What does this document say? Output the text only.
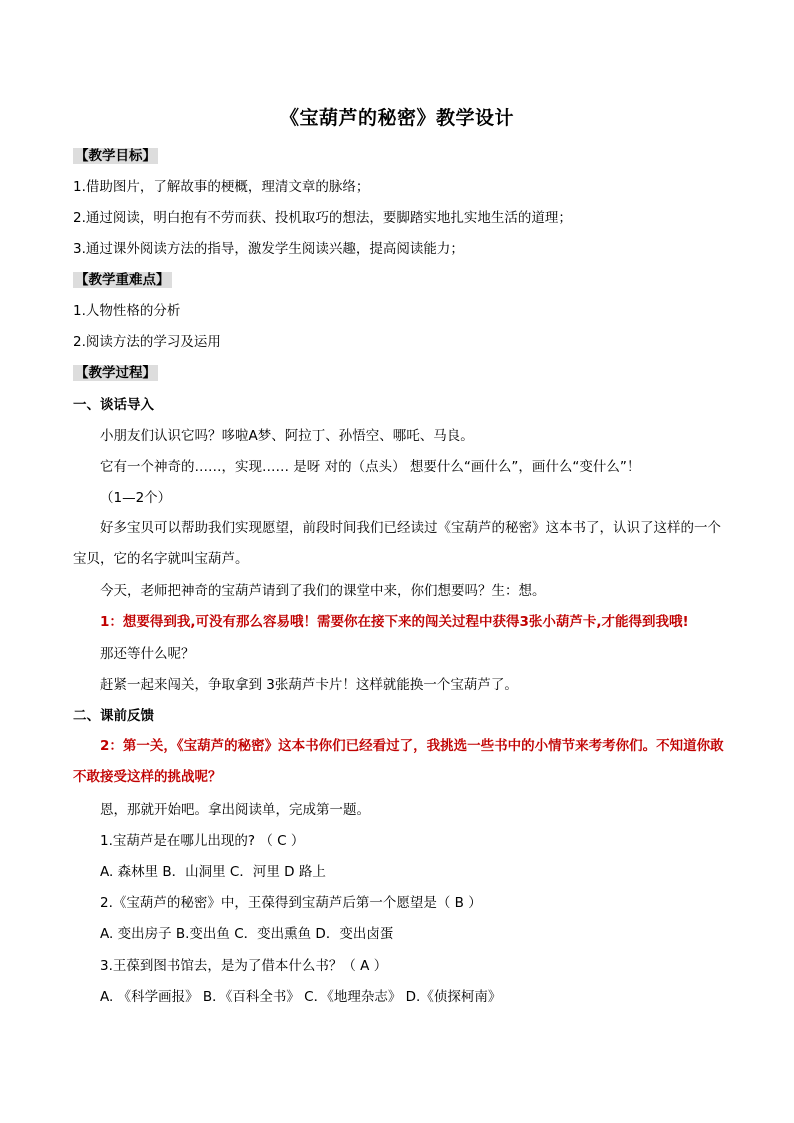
《宝葫芦的秘密》教学设计
【教学目标】
1.借助图片，了解故事的梗概，理清文章的脉络；
2.通过阅读，明白抱有不劳而获、投机取巧的想法，要脚踏实地扎实地生活的道理；
3.通过课外阅读方法的指导，激发学生阅读兴趣，提高阅读能力；
【教学重难点】
1.人物性格的分析
2.阅读方法的学习及运用
【教学过程】
一、谈话导入
小朋友们认识它吗？哆啦A梦、阿拉丁、孙悟空、哪吒、马良。
它有一个神奇的……，实现…… 是呀 对的（点头） 想要什么“画什么”，画什么“变什么”！
（1—2个）
好多宝贝可以帮助我们实现愿望，前段时间我们已经读过《宝葫芦的秘密》这本书了，认识了这样的一个宝贝，它的名字就叫宝葫芦。
今天，老师把神奇的宝葫芦请到了我们的课堂中来，你们想要吗？生：想。
1：想要得到我,可没有那么容易哦！需要你在接下来的闯关过程中获得3张小葫芦卡,才能得到我哦!
那还等什么呢？
赶紧一起来闯关，争取拿到 3张葫芦卡片！这样就能换一个宝葫芦了。
二、课前反馈
2：第一关，《宝葫芦的秘密》这本书你们已经看过了，我挑选一些书中的小情节来考考你们。不知道你敢不敢接受这样的挑战呢？
恩，那就开始吧。拿出阅读单，完成第一题。
1.宝葫芦是在哪儿出现的? （ C ）
A. 森林里 B．山洞里 C．河里 D 路上
2.《宝葫芦的秘密》中，王葆得到宝葫芦后第一个愿望是（ B ）
A. 变出房子 B.变出鱼 C．变出熏鱼 D．变出卤蛋
3.王葆到图书馆去，是为了借本什么书？（ A ）
A. 《科学画报》 B．《百科全书》 C．《地理杂志》 D.《侦探柯南》
